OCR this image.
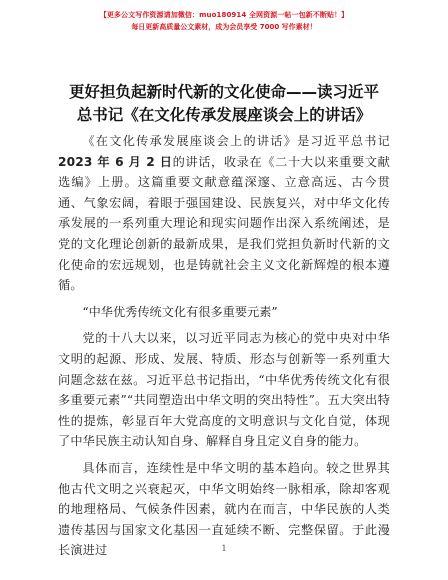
【更多公文写作资源请加微信：muo180914 全网资源一帖一包新不断贴！】
每日更新高质量公文素材，成为会员享受 7000 写作素材！
更好担负起新时代新的文化使命——读习近平
总书记《在文化传承发展座谈会上的讲话》

《在文化传承发展座谈会上的讲话》是习近平总书记2023 年 6 月 2 日的讲话，收录在《二十大以来重要文献选编》上册。这篇重要文献意蕴深邃、立意高远、古今贯通、气象宏阔，着眼于强国建设、民族复兴，对中华文化传承发展的一系列重大理论和现实问题作出深入系统阐述，是党的文化理论创新的最新成果，是我们党担负新时代新的文化使命的宏远规划，也是铸就社会主义文化新辉煌的根本遵循。

“中华优秀传统文化有很多重要元素”

党的十八大以来，以习近平同志为核心的党中央对中华文明的起源、形成、发展、特质、形态与创新等一系列重大问题念兹在兹。习近平总书记指出，“中华优秀传统文化有很多重要元素”“共同塑造出中华文明的突出特性”。五大突出特性的提炼，彰显百年大党高度的文明意识与文化自觉，体现了中华民族主动认知自身、解释自身且定义自身的能力。

具体而言，连续性是中华文明的基本趋向。较之世界其他古代文明之兴衰起灭，中华文明始终一脉相承，除却客观的地理格局、气候条件因素，就内在而言，中华民族的人类遗传基因与国家文化基因一直延续不断、完整保留。于此漫长演进过	1
